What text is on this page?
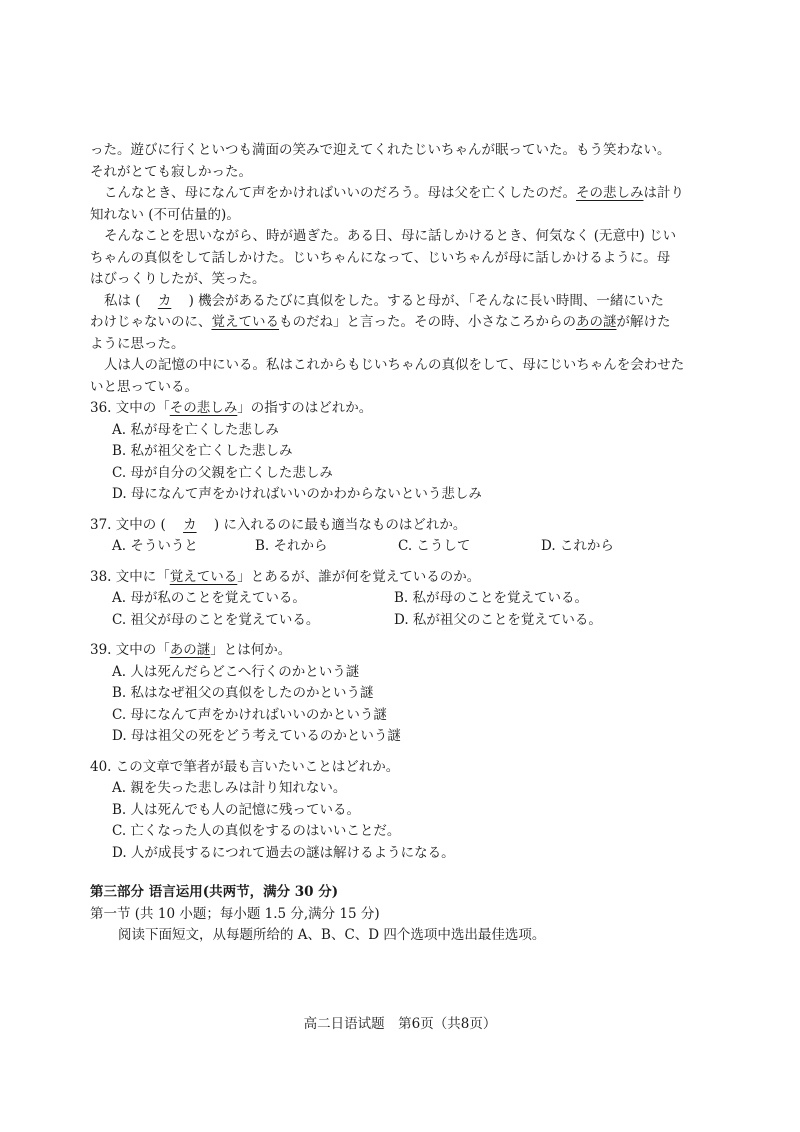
った。遊びに行くといつも満面の笑みで迎えてくれたじいちゃんが眠っていた。もう笑わない。

それがとても寂しかった。

こんなとき、母になんて声をかければいいのだろう。母は父を亡くしたのだ。その悲しみは計り

知れない (不可估量的)。

そんなことを思いながら、時が過ぎた。ある日、母に話しかけるとき、何気なく (无意中) じい

ちゃんの真似をして話しかけた。じいちゃんになって、じいちゃんが母に話しかけるように。母

はびっくりしたが、笑った。

私は ( カ ) 機会があるたびに真似をした。すると母が、「そんなに長い時間、一緒にいた

わけじゃないのに、覚えているものだね」と言った。その時、小さなころからのあの謎が解けた

ように思った。

人は人の記憶の中にいる。私はこれからもじいちゃんの真似をして、母にじいちゃんを会わせた

いと思っている。

36. 文中の「その悲しみ」の指すのはどれか。

A. 私が母を亡くした悲しみ

B. 私が祖父を亡くした悲しみ

C. 母が自分の父親を亡くした悲しみ

D. 母になんて声をかければいいのかわからないという悲しみ

37. 文中の ( カ ) に入れるのに最も適当なものはどれか。

A. そういうと	B. それから	C. こうして	D. これから

38. 文中に「覚えている」とあるが、誰が何を覚えているのか。

A. 母が私のことを覚えている。	B. 私が母のことを覚えている。
C. 祖父が母のことを覚えている。	D. 私が祖父のことを覚えている。

39. 文中の「あの謎」とは何か。

A. 人は死んだらどこへ行くのかという謎

B. 私はなぜ祖父の真似をしたのかという謎

C. 母になんて声をかければいいのかという謎

D. 母は祖父の死をどう考えているのかという謎

40. この文章で筆者が最も言いたいことはどれか。

A. 親を失った悲しみは計り知れない。

B. 人は死んでも人の記憶に残っている。

C. 亡くなった人の真似をするのはいいことだ。

D. 人が成長するにつれて過去の謎は解けるようになる。

第三部分 语言运用(共两节，满分 30 分)

第一节 (共 10 小题；每小题 1.5 分,满分 15 分)

阅读下面短文，从每题所给的 A、B、C、D 四个选项中选出最佳选项。

高二日语试题　第6页（共8页）
